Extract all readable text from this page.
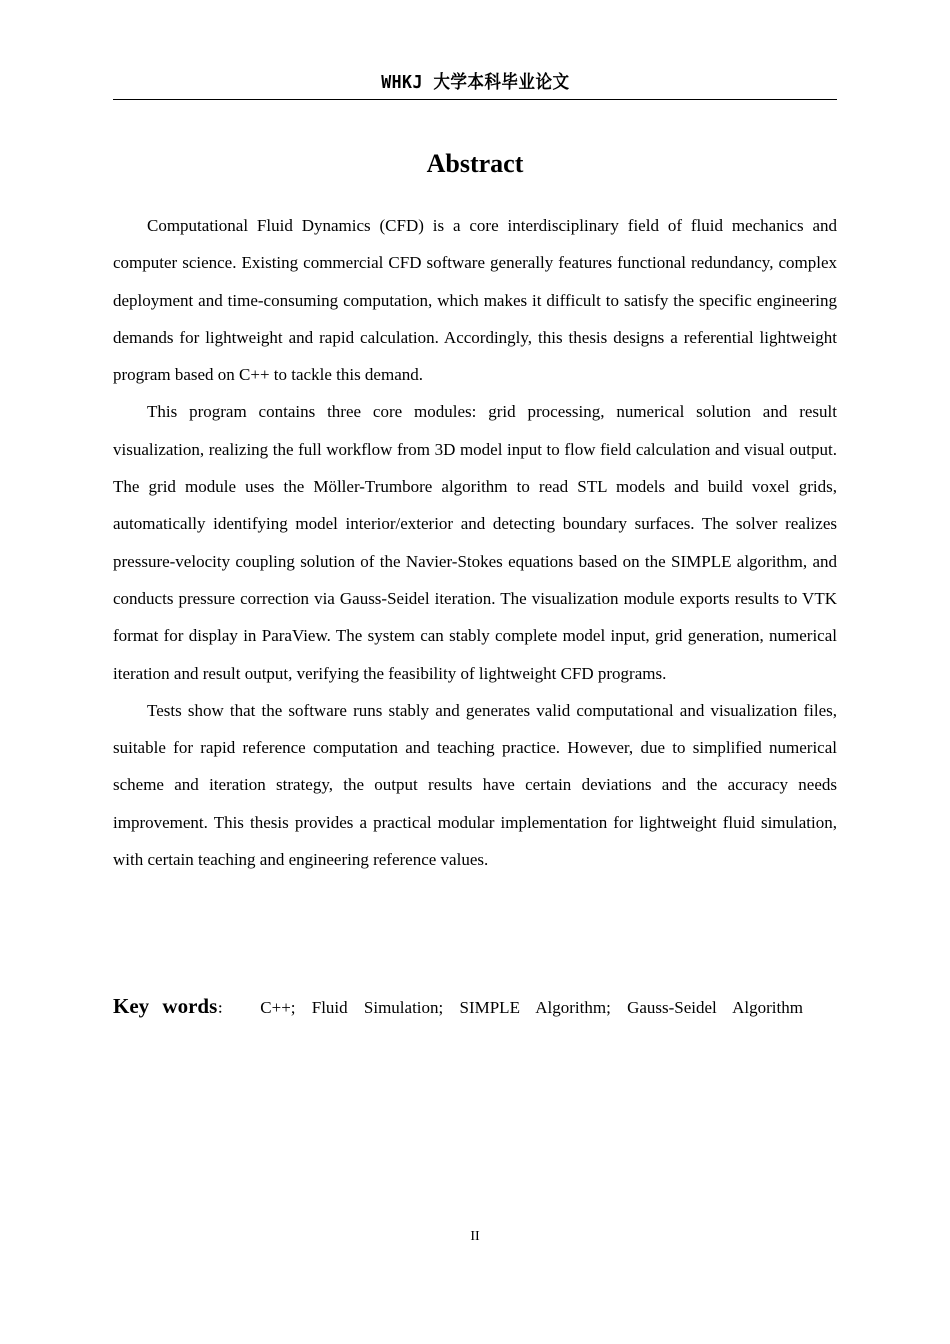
WHKJ 大学本科毕业论文
Abstract

Computational Fluid Dynamics (CFD) is a core interdisciplinary field of fluid mechanics and computer science. Existing commercial CFD software generally features functional redundancy, complex deployment and time-consuming computation, which makes it difficult to satisfy the specific engineering demands for lightweight and rapid calculation. Accordingly, this thesis designs a referential lightweight program based on C++ to tackle this demand.

This program contains three core modules: grid processing, numerical solution and result visualization, realizing the full workflow from 3D model input to flow field calculation and visual output. The grid module uses the Möller-Trumbore algorithm to read STL models and build voxel grids, automatically identifying model interior/exterior and detecting boundary surfaces. The solver realizes pressure-velocity coupling solution of the Navier-Stokes equations based on the SIMPLE algorithm, and conducts pressure correction via Gauss-Seidel iteration. The visualization module exports results to VTK format for display in ParaView. The system can stably complete model input, grid generation, numerical iteration and result output, verifying the feasibility of lightweight CFD programs.

Tests show that the software runs stably and generates valid computational and visualization files, suitable for rapid reference computation and teaching practice. However, due to simplified numerical scheme and iteration strategy, the output results have certain deviations and the accuracy needs improvement. This thesis provides a practical modular implementation for lightweight fluid simulation, with certain teaching and engineering reference values.

Key words： C++; Fluid Simulation; SIMPLE Algorithm; Gauss-Seidel Algorithm

II
